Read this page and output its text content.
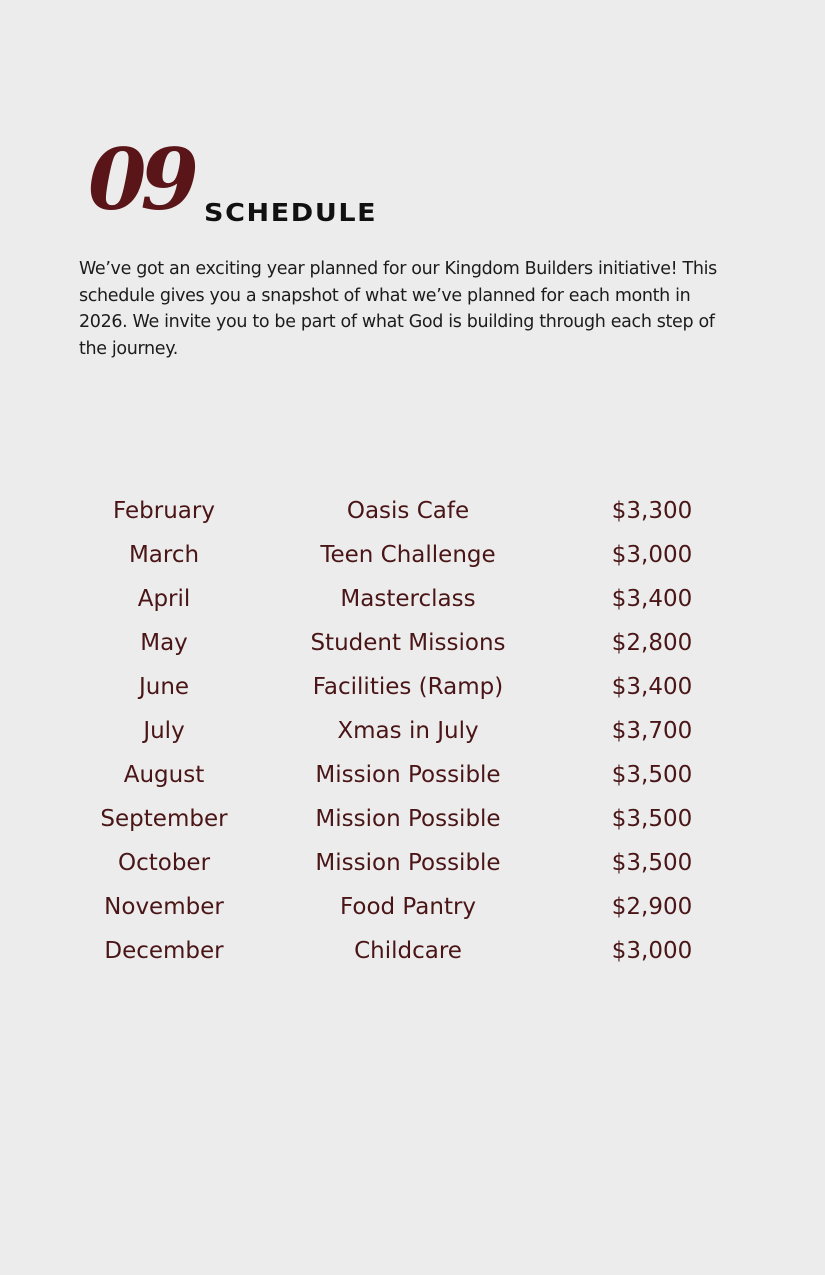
09 SCHEDULE

We’ve got an exciting year planned for our Kingdom Builders initiative! This schedule gives you a snapshot of what we’ve planned for each month in 2026. We invite you to be part of what God is building through each step of the journey.

February	Oasis Cafe	$3,300
March	Teen Challenge	$3,000
April	Masterclass	$3,400
May	Student Missions	$2,800
June	Facilities (Ramp)	$3,400
July	Xmas in July	$3,700
August	Mission Possible	$3,500
September	Mission Possible	$3,500
October	Mission Possible	$3,500
November	Food Pantry	$2,900
December	Childcare	$3,000
